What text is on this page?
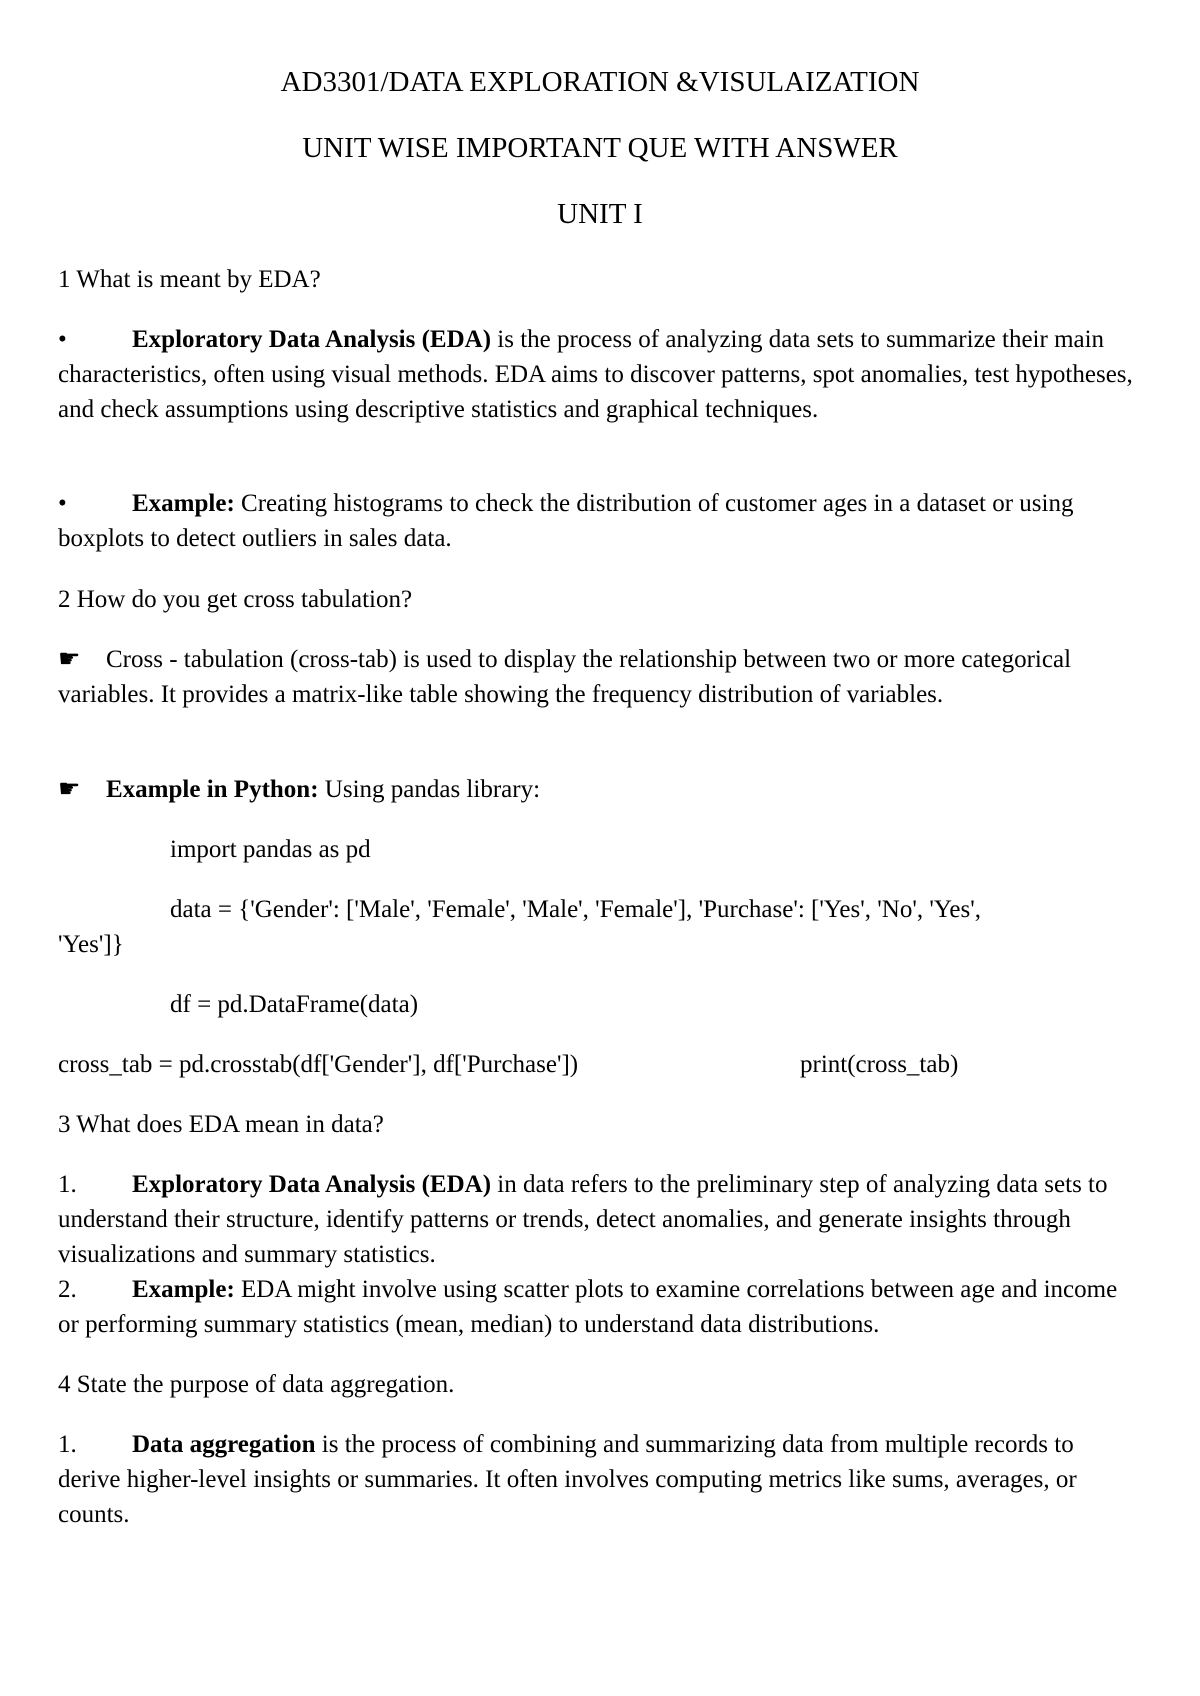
AD3301/DATA EXPLORATION &VISULAIZATION
UNIT WISE IMPORTANT QUE WITH ANSWER
UNIT I
1 What is meant by EDA?
•	Exploratory Data Analysis (EDA) is the process of analyzing data sets to summarize their main characteristics, often using visual methods. EDA aims to discover patterns, spot anomalies, test hypotheses, and check assumptions using descriptive statistics and graphical techniques.
•	Example: Creating histograms to check the distribution of customer ages in a dataset or using boxplots to detect outliers in sales data.
2 How do you get cross tabulation?
☛ Cross - tabulation (cross-tab) is used to display the relationship between two or more categorical variables. It provides a matrix-like table showing the frequency distribution of variables.
☛ Example in Python: Using pandas library:
import pandas as pd
data = {'Gender': ['Male', 'Female', 'Male', 'Female'], 'Purchase': ['Yes', 'No', 'Yes',
'Yes']}
df = pd.DataFrame(data)
cross_tab = pd.crosstab(df['Gender'], df['Purchase'])	print(cross_tab)
3 What does EDA mean in data?
1. Exploratory Data Analysis (EDA) in data refers to the preliminary step of analyzing data sets to understand their structure, identify patterns or trends, detect anomalies, and generate insights through visualizations and summary statistics.
2. Example: EDA might involve using scatter plots to examine correlations between age and income or performing summary statistics (mean, median) to understand data distributions.
4 State the purpose of data aggregation.
1. Data aggregation is the process of combining and summarizing data from multiple records to derive higher-level insights or summaries. It often involves computing metrics like sums, averages, or counts.
